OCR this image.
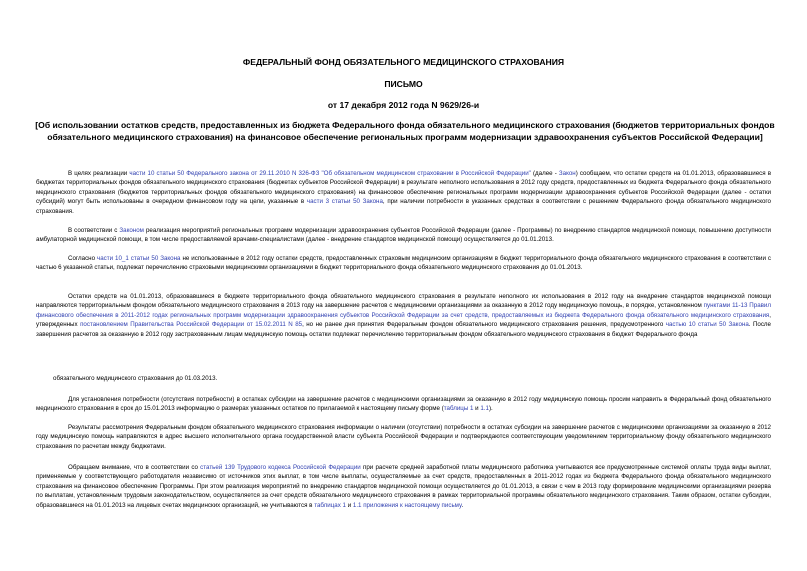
ФЕДЕРАЛЬНЫЙ ФОНД ОБЯЗАТЕЛЬНОГО МЕДИЦИНСКОГО СТРАХОВАНИЯ
ПИСЬМО
от 17 декабря 2012 года N 9629/26-и
[Об использовании остатков средств, предоставленных из бюджета Федерального фонда обязательного медицинского страхования (бюджетов территориальных фондов обязательного медицинского страхования) на финансовое обеспечение региональных программ модернизации здравоохранения субъектов Российской Федерации]
В целях реализации части 10 статьи 50 Федерального закона от 29.11.2010 N 326-ФЗ "Об обязательном медицинском страховании в Российской Федерации" (далее - Закон) сообщаем, что остатки средств на 01.01.2013, образовавшиеся в бюджетах территориальных фондов обязательного медицинского страхования (бюджетах субъектов Российской Федерации) в результате неполного использования в 2012 году средств, предоставленных из бюджета Федерального фонда обязательного медицинского страхования (бюджетов территориальных фондов обязательного медицинского страхования) на финансовое обеспечение региональных программ модернизации здравоохранения субъектов Российской Федерации (далее - остатки субсидий) могут быть использованы в очередном финансовом году на цели, указанные в части 3 статьи 50 Закона, при наличии потребности в указанных средствах в соответствии с решением Федерального фонда обязательного медицинского страхования.
В соответствии с Законом реализация мероприятий региональных программ модернизации здравоохранения субъектов Российской Федерации (далее - Программы) по внедрению стандартов медицинской помощи, повышению доступности амбулаторной медицинской помощи, в том числе предоставляемой врачами-специалистами (далее - внедрение стандартов медицинской помощи) осуществляется до 01.01.2013.
Согласно части 10_1 статьи 50 Закона не использованные в 2012 году остатки средств, предоставленных страховым медицинским организациям в бюджет территориального фонда обязательного медицинского страхования в соответствии с частью 6 указанной статьи, подлежат перечислению страховыми медицинскими организациями в бюджет территориального фонда обязательного медицинского страхования до 01.01.2013.
Остатки средств на 01.01.2013, образовавшиеся в бюджете территориального фонда обязательного медицинского страхования в результате неполного их использования в 2012 году на внедрение стандартов медицинской помощи направляются территориальным фондом обязательного медицинского страхования в 2013 году на завершение расчетов с медицинскими организациями за оказанную в 2012 году медицинскую помощь, в порядке, установленном пунктами 11-13 Правил финансового обеспечения в 2011-2012 годах региональных программ модернизации здравоохранения субъектов Российской Федерации за счет средств, предоставляемых из бюджета Федерального фонда обязательного медицинского страхования, утвержденных постановлением Правительства Российской Федерации от 15.02.2011 N 85, но не ранее дня принятия Федеральным фондом обязательного медицинского страхования решения, предусмотренного частью 10 статьи 50 Закона. После завершения расчетов за оказанную в 2012 году застрахованным лицам медицинскую помощь остатки подлежат перечислению территориальным фондом обязательного медицинского страхования в бюджет Федерального фонда
обязательного медицинского страхования до 01.03.2013.
Для установления потребности (отсутствия потребности) в остатках субсидии на завершение расчетов с медицинскими организациями за оказанную в 2012 году медицинскую помощь просим направить в Федеральный фонд обязательного медицинского страхования в срок до 15.01.2013 информацию о размерах указанных остатков по прилагаемой к настоящему письму форме (таблицы 1 и 1.1).
Результаты рассмотрения Федеральным фондом обязательного медицинского страхования информации о наличии (отсутствии) потребности в остатках субсидии на завершение расчетов с медицинскими организациями за оказанную в 2012 году медицинскую помощь направляются в адрес высшего исполнительного органа государственной власти субъекта Российской Федерации и подтверждаются соответствующим уведомлением территориальному фонду обязательного медицинского страхования по расчетам между бюджетами.
Обращаем внимание, что в соответствии со статьей 139 Трудового кодекса Российской Федерации при расчете средней заработной платы медицинского работника учитываются все предусмотренные системой оплаты труда виды выплат, применяемые у соответствующего работодателя независимо от источников этих выплат, в том числе выплаты, осуществляемые за счет средств, предоставленных в 2011-2012 годах из бюджета Федерального фонда обязательного медицинского страхования на финансовое обеспечение Программы. При этом реализация мероприятий по внедрению стандартов медицинской помощи осуществляется до 01.01.2013, в связи с чем в 2013 году формирование медицинскими организациями резерва по выплатам, установленным трудовым законодательством, осуществляется за счет средств обязательного медицинского страхования в рамках территориальной программы обязательного медицинского страхования. Таким образом, остатки субсидии, образовавшиеся на 01.01.2013 на лицевых счетах медицинских организаций, не учитываются в таблицах 1 и 1.1 приложения к настоящему письму.
